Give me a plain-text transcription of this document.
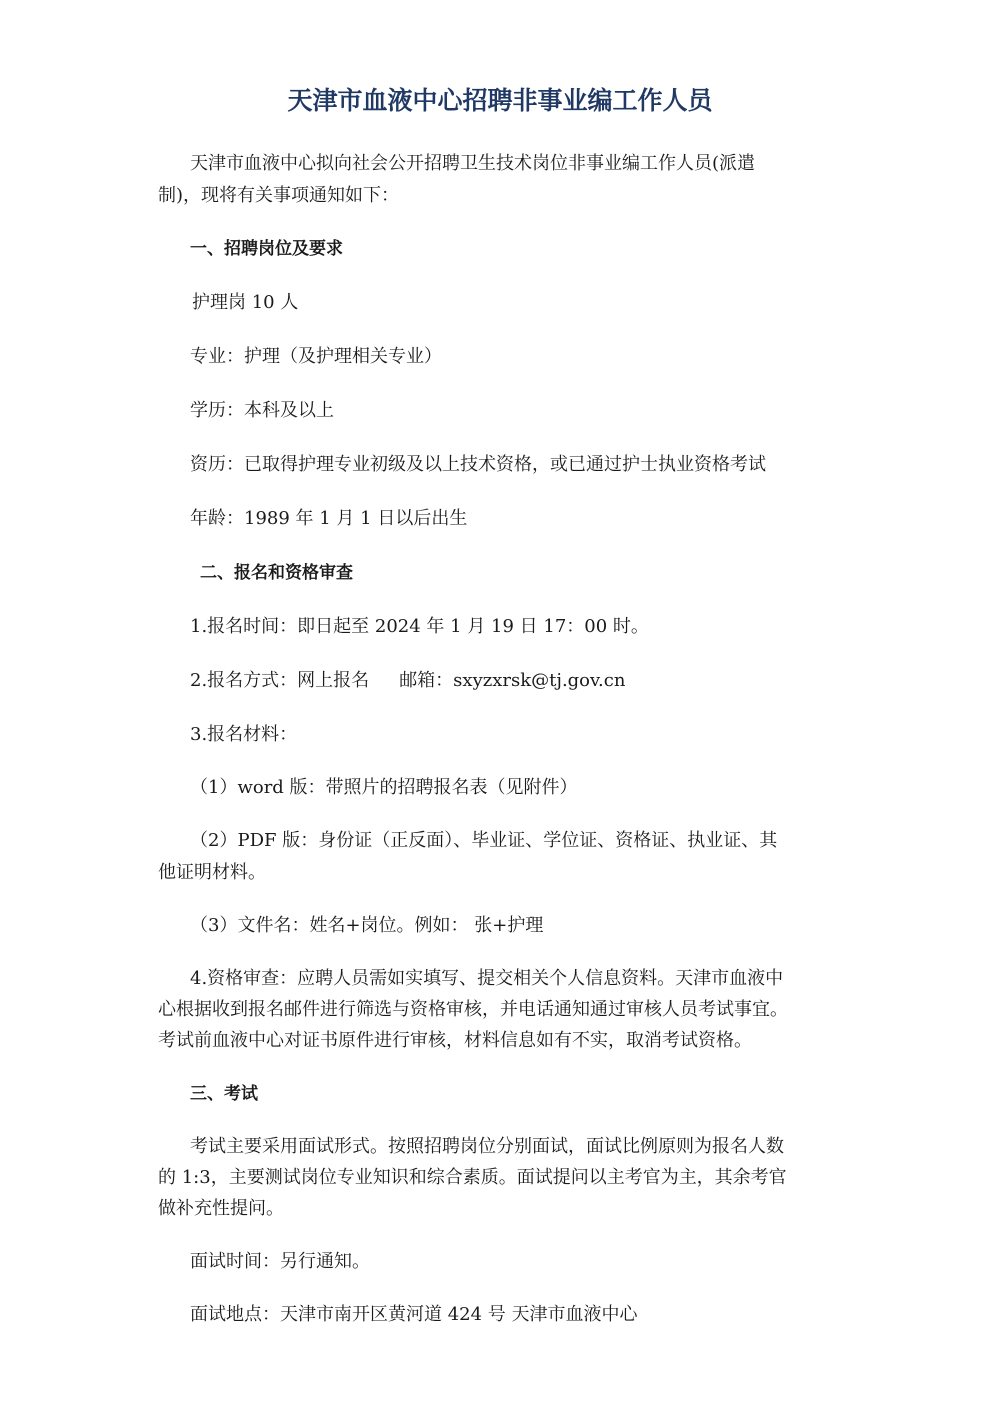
天津市血液中心招聘非事业编工作人员

天津市血液中心拟向社会公开招聘卫生技术岗位非事业编工作人员(派遣

制)，现将有关事项通知如下：

一、招聘岗位及要求

护理岗 10 人

专业：护理（及护理相关专业）

学历：本科及以上

资历：已取得护理专业初级及以上技术资格，或已通过护士执业资格考试

年龄：1989 年 1 月 1 日以后出生

二、报名和资格审查

1.报名时间：即日起至 2024 年 1 月 19 日 17：00 时。

2.报名方式：网上报名 邮箱：sxyzxrsk@tj.gov.cn

3.报名材料：

（1）word 版：带照片的招聘报名表（见附件）

（2）PDF 版：身份证（正反面）、毕业证、学位证、资格证、执业证、其

他证明材料。

（3）文件名：姓名+岗位。例如： 张+护理

4.资格审查：应聘人员需如实填写、提交相关个人信息资料。天津市血液中

心根据收到报名邮件进行筛选与资格审核，并电话通知通过审核人员考试事宜。

考试前血液中心对证书原件进行审核，材料信息如有不实，取消考试资格。

三、考试

考试主要采用面试形式。按照招聘岗位分别面试，面试比例原则为报名人数

的 1:3，主要测试岗位专业知识和综合素质。面试提问以主考官为主，其余考官

做补充性提问。

面试时间：另行通知。

面试地点：天津市南开区黄河道 424 号 天津市血液中心
